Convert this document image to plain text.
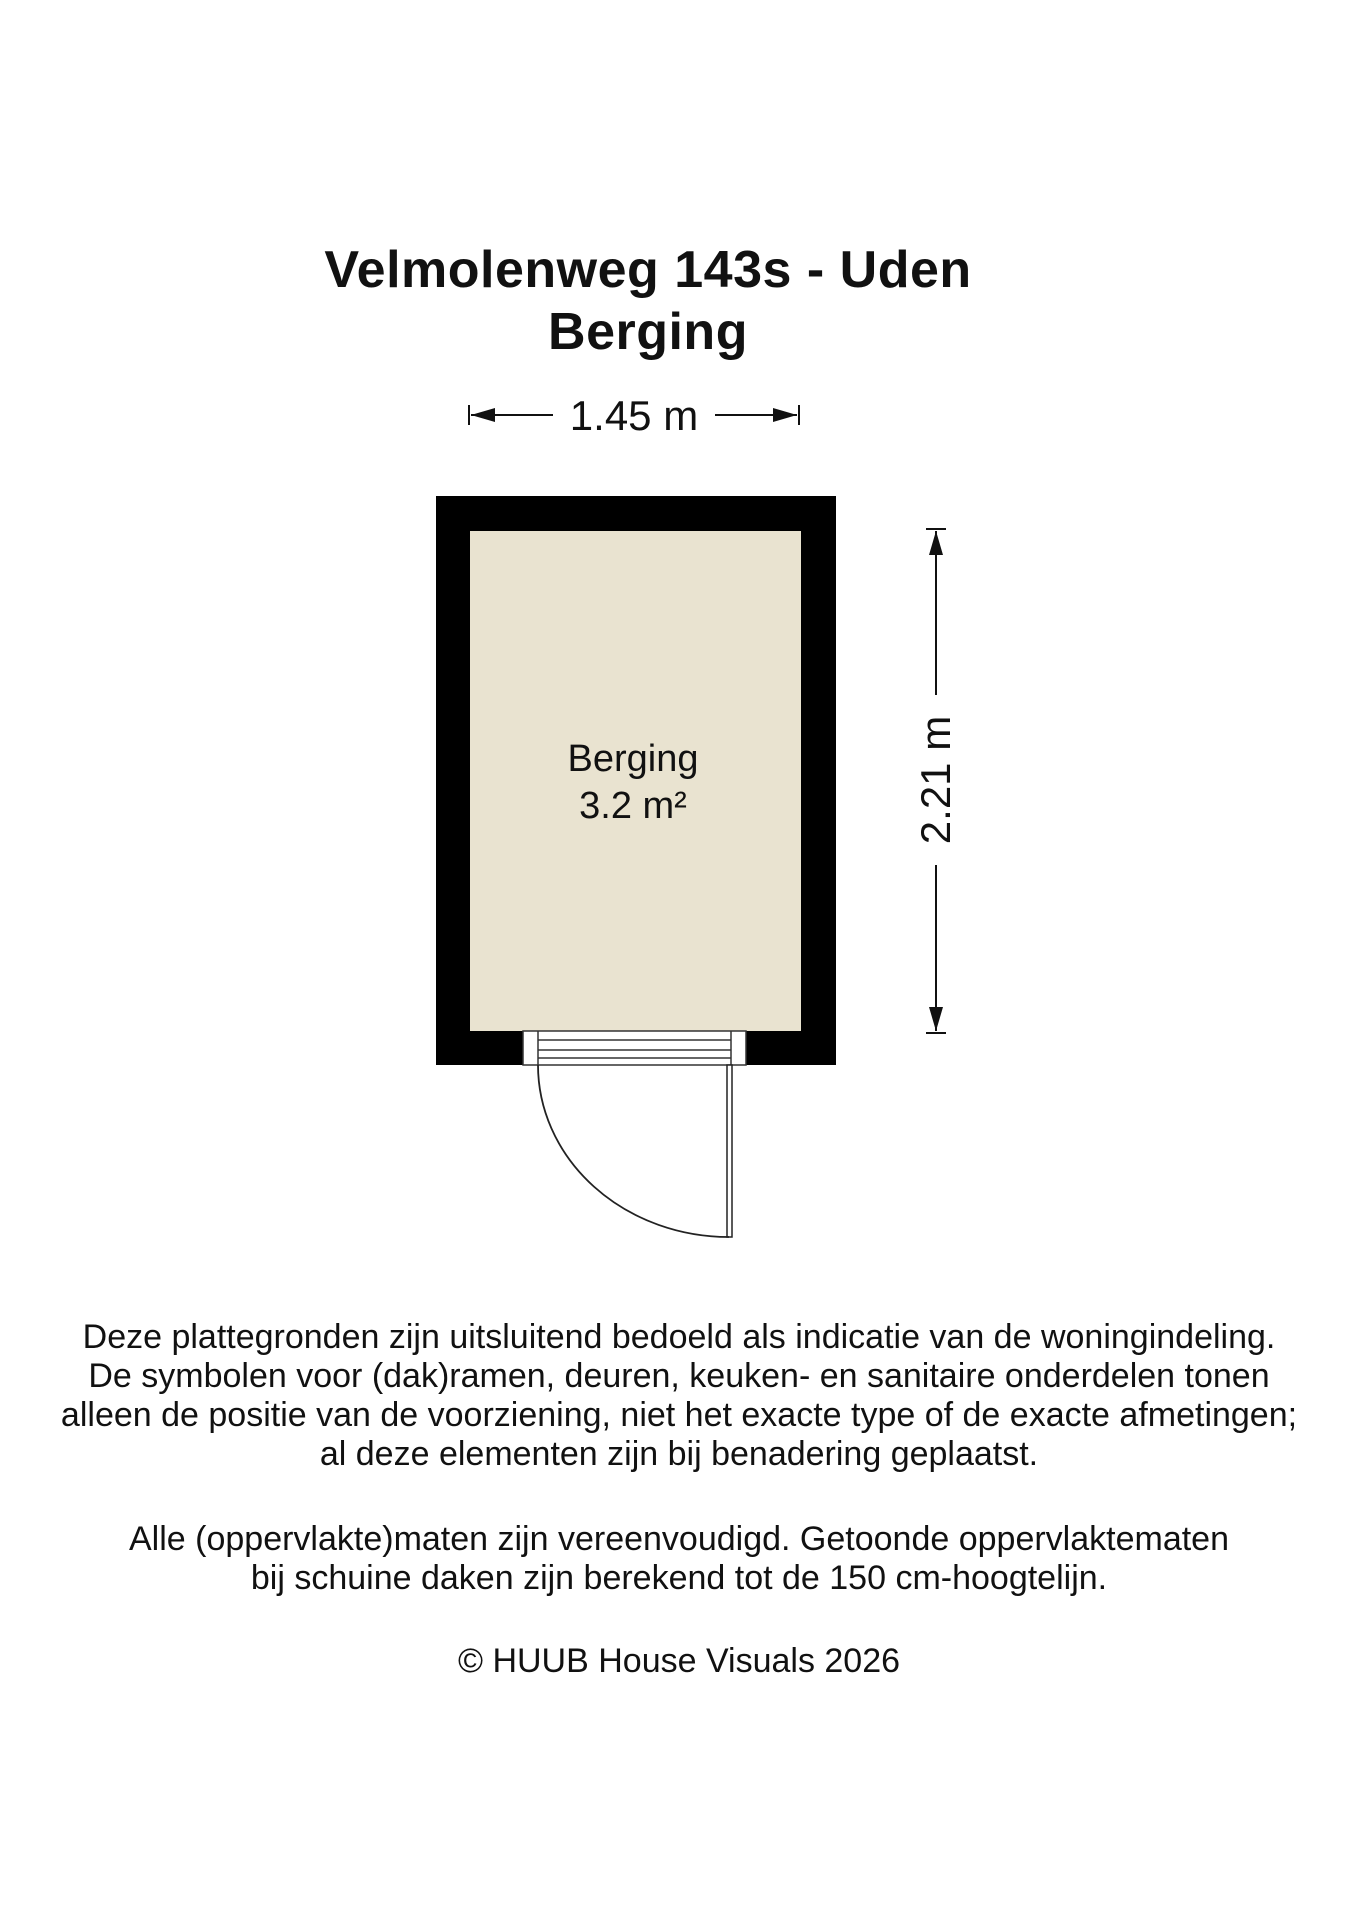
Velmolenweg 143s - Uden
Berging
1.45 m
2.21 m
Berging
3.2 m²

Deze plattegronden zijn uitsluitend bedoeld als indicatie van de woningindeling.

De symbolen voor (dak)ramen, deuren, keuken- en sanitaire onderdelen tonen

alleen de positie van de voorziening, niet het exacte type of de exacte afmetingen;

al deze elementen zijn bij benadering geplaatst.

Alle (oppervlakte)maten zijn vereenvoudigd. Getoonde oppervlaktematen

bij schuine daken zijn berekend tot de 150 cm-hoogtelijn.

© HUUB House Visuals 2026
